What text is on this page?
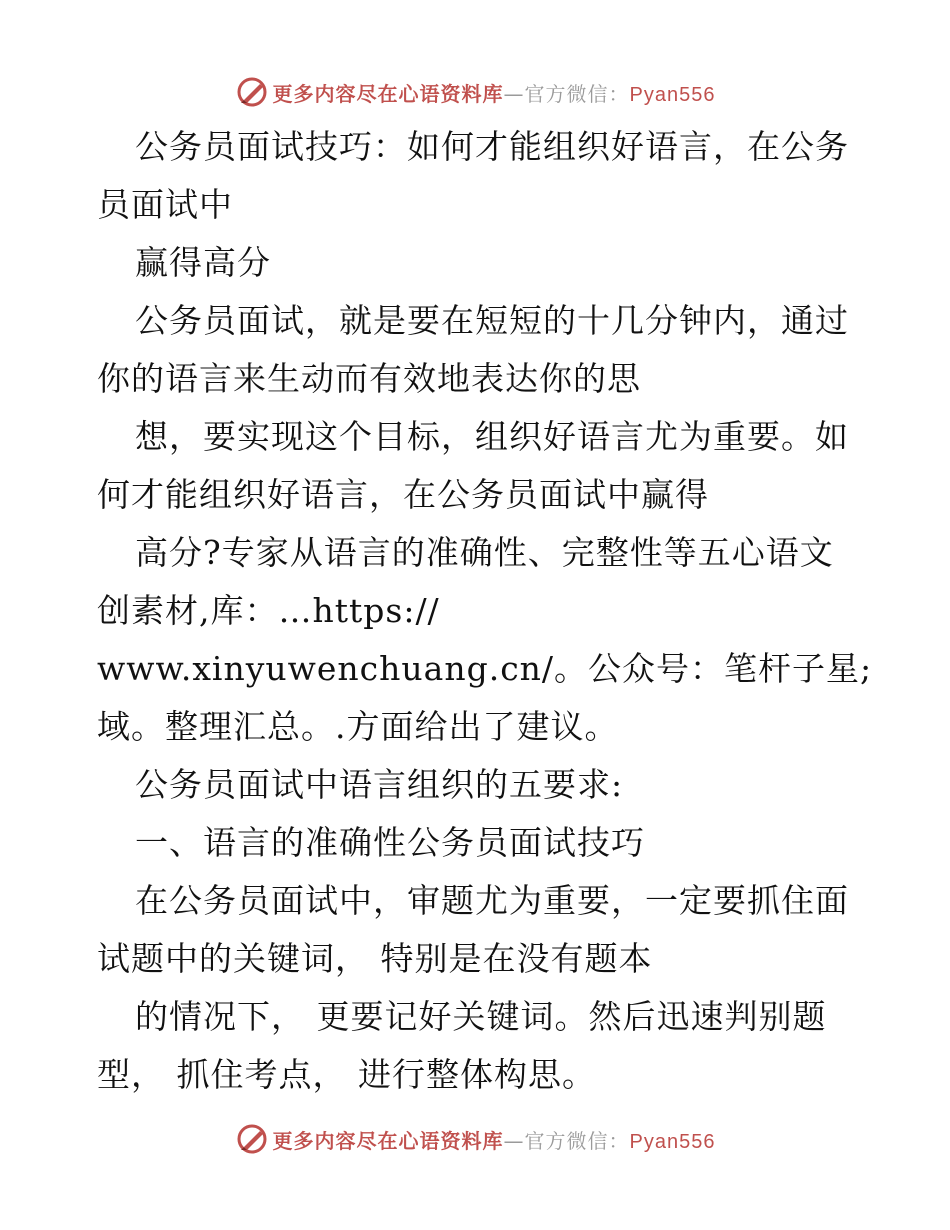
更多内容尽在心语资料库—官方微信：Pyan556
公务员面试技巧：如何才能组织好语言，在公务
员面试中
赢得高分
公务员面试，就是要在短短的十几分钟内，通过
你的语言来生动而有效地表达你的思
想，要实现这个目标，组织好语言尤为重要。如
何才能组织好语言，在公务员面试中赢得
高分?专家从语言的准确性、完整性等五心语文
创素材,库：…https://
www.xinyuwenchuang.cn/。公众号：笔杆子星;
域。整理汇总。.方面给出了建议。
公务员面试中语言组织的五要求:
一、语言的准确性公务员面试技巧
在公务员面试中，审题尤为重要，一定要抓住面
试题中的关键词， 特别是在没有题本
的情况下， 更要记好关键词。然后迅速判别题
型， 抓住考点， 进行整体构思。
更多内容尽在心语资料库—官方微信：Pyan556
